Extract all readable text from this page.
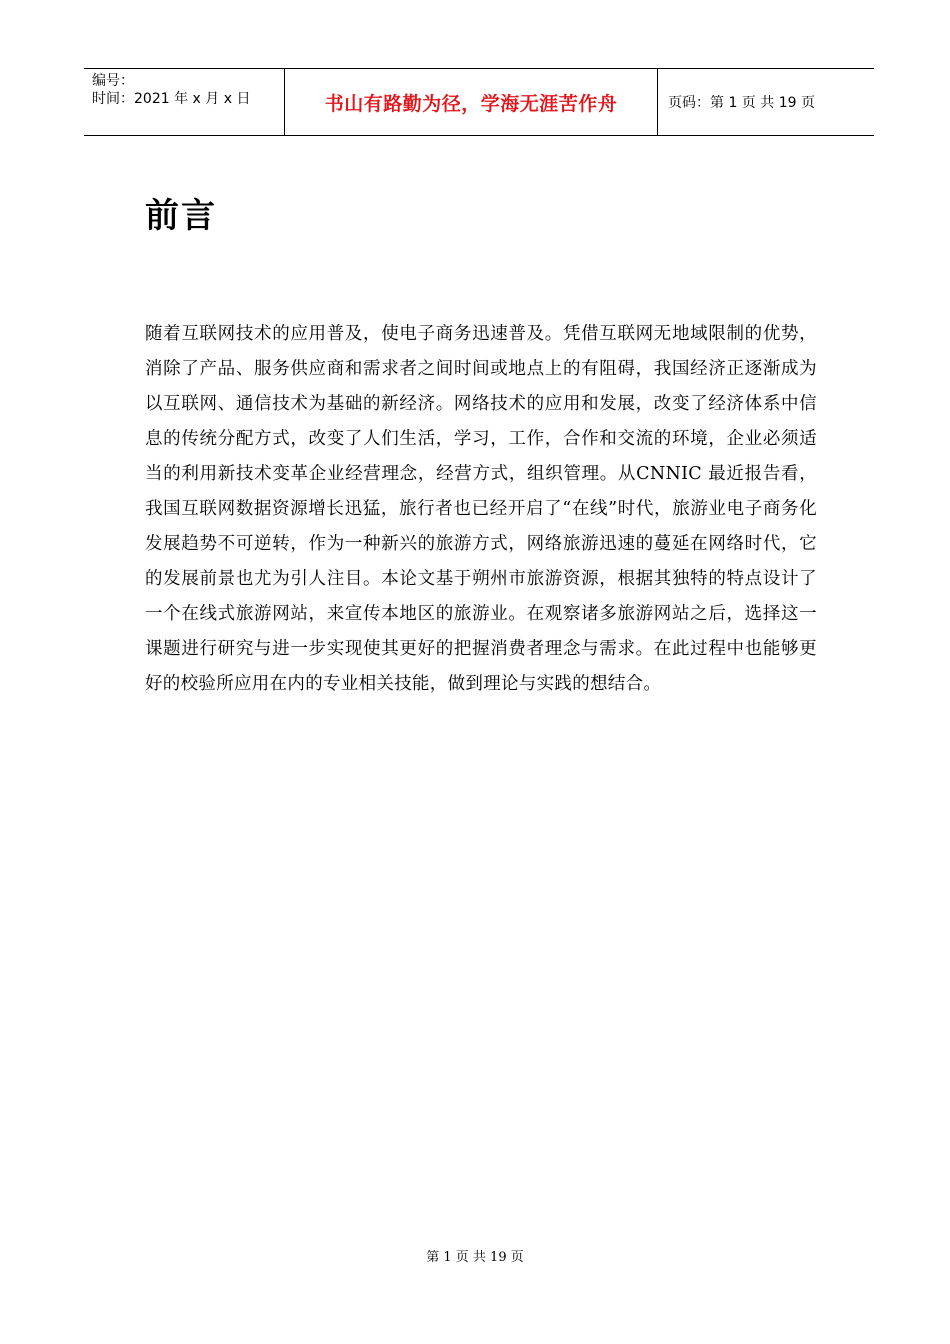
编号：
时间：2021 年 x 月 x 日	书山有路勤为径，学海无涯苦作舟	页码：第 1 页 共 19 页
前言
随着互联网技术的应用普及，使电子商务迅速普及。凭借互联网无地域限制的优势，消除了产品、服务供应商和需求者之间时间或地点上的有阻碍，我国经济正逐渐成为以互联网、通信技术为基础的新经济。网络技术的应用和发展，改变了经济体系中信息的传统分配方式，改变了人们生活，学习，工作，合作和交流的环境，企业必须适当的利用新技术变革企业经营理念，经营方式，组织管理。从CNNIC 最近报告看，我国互联网数据资源增长迅猛，旅行者也已经开启了“在线”时代，旅游业电子商务化发展趋势不可逆转，作为一种新兴的旅游方式，网络旅游迅速的蔓延在网络时代，它的发展前景也尤为引人注目。本论文基于朔州市旅游资源，根据其独特的特点设计了一个在线式旅游网站，来宣传本地区的旅游业。在观察诸多旅游网站之后，选择这一课题进行研究与进一步实现使其更好的把握消费者理念与需求。在此过程中也能够更好的校验所应用在内的专业相关技能，做到理论与实践的想结合。
第 1 页 共 19 页
